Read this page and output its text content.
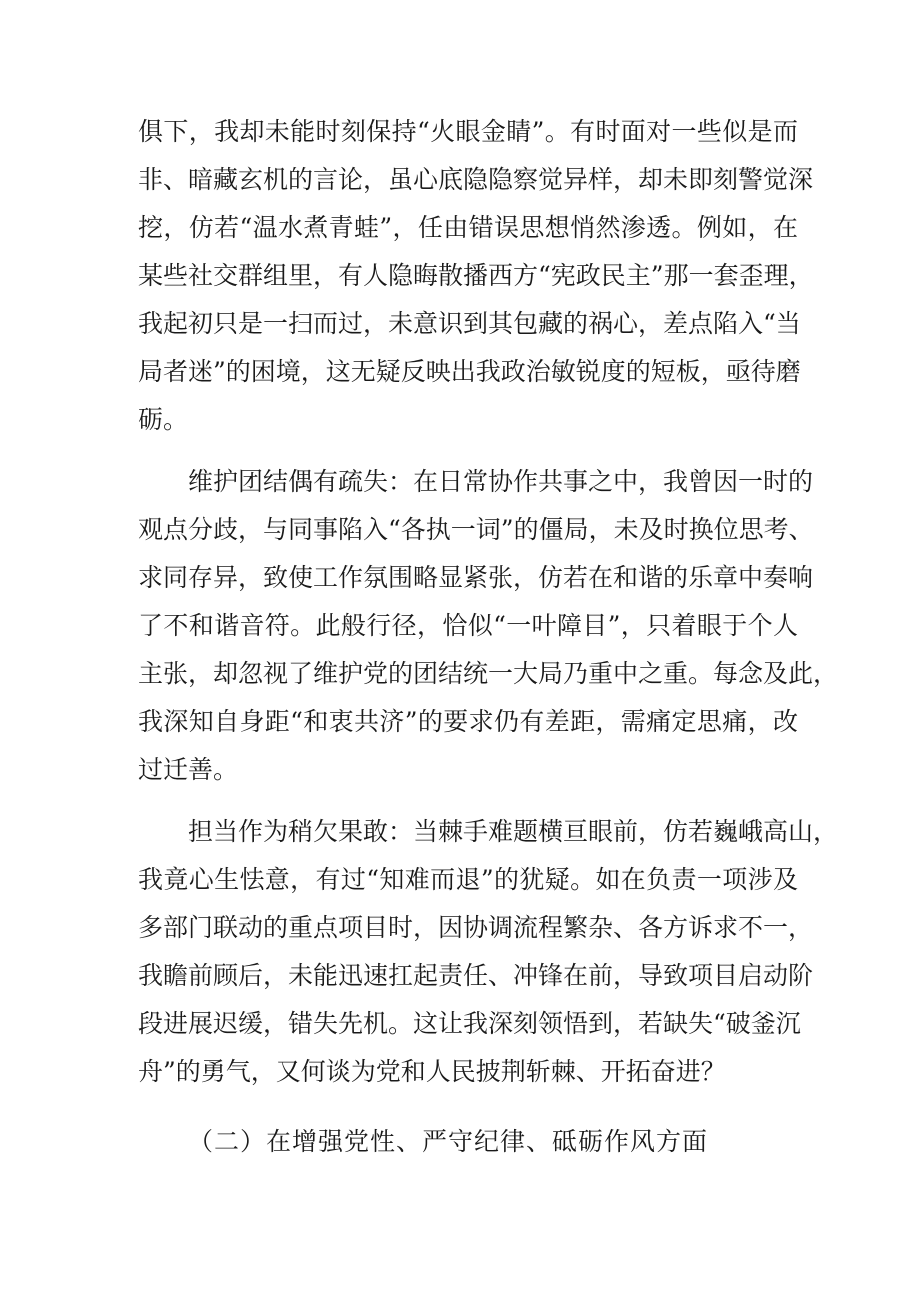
俱下，我却未能时刻保持“火眼金睛”。有时面对一些似是而
非、暗藏玄机的言论，虽心底隐隐察觉异样，却未即刻警觉深
挖，仿若“温水煮青蛙”，任由错误思想悄然渗透。例如，在
某些社交群组里，有人隐晦散播西方“宪政民主”那一套歪理，
我起初只是一扫而过，未意识到其包藏的祸心，差点陷入“当
局者迷”的困境，这无疑反映出我政治敏锐度的短板，亟待磨
砺。
维护团结偶有疏失：在日常协作共事之中，我曾因一时的
观点分歧，与同事陷入“各执一词”的僵局，未及时换位思考、
求同存异，致使工作氛围略显紧张，仿若在和谐的乐章中奏响
了不和谐音符。此般行径，恰似“一叶障目”，只着眼于个人
主张，却忽视了维护党的团结统一大局乃重中之重。每念及此，
我深知自身距“和衷共济”的要求仍有差距，需痛定思痛，改
过迁善。
担当作为稍欠果敢：当棘手难题横亘眼前，仿若巍峨高山，
我竟心生怯意，有过“知难而退”的犹疑。如在负责一项涉及
多部门联动的重点项目时，因协调流程繁杂、各方诉求不一，
我瞻前顾后，未能迅速扛起责任、冲锋在前，导致项目启动阶
段进展迟缓，错失先机。这让我深刻领悟到，若缺失“破釜沉
舟”的勇气，又何谈为党和人民披荆斩棘、开拓奋进？
（二）在增强党性、严守纪律、砥砺作风方面
